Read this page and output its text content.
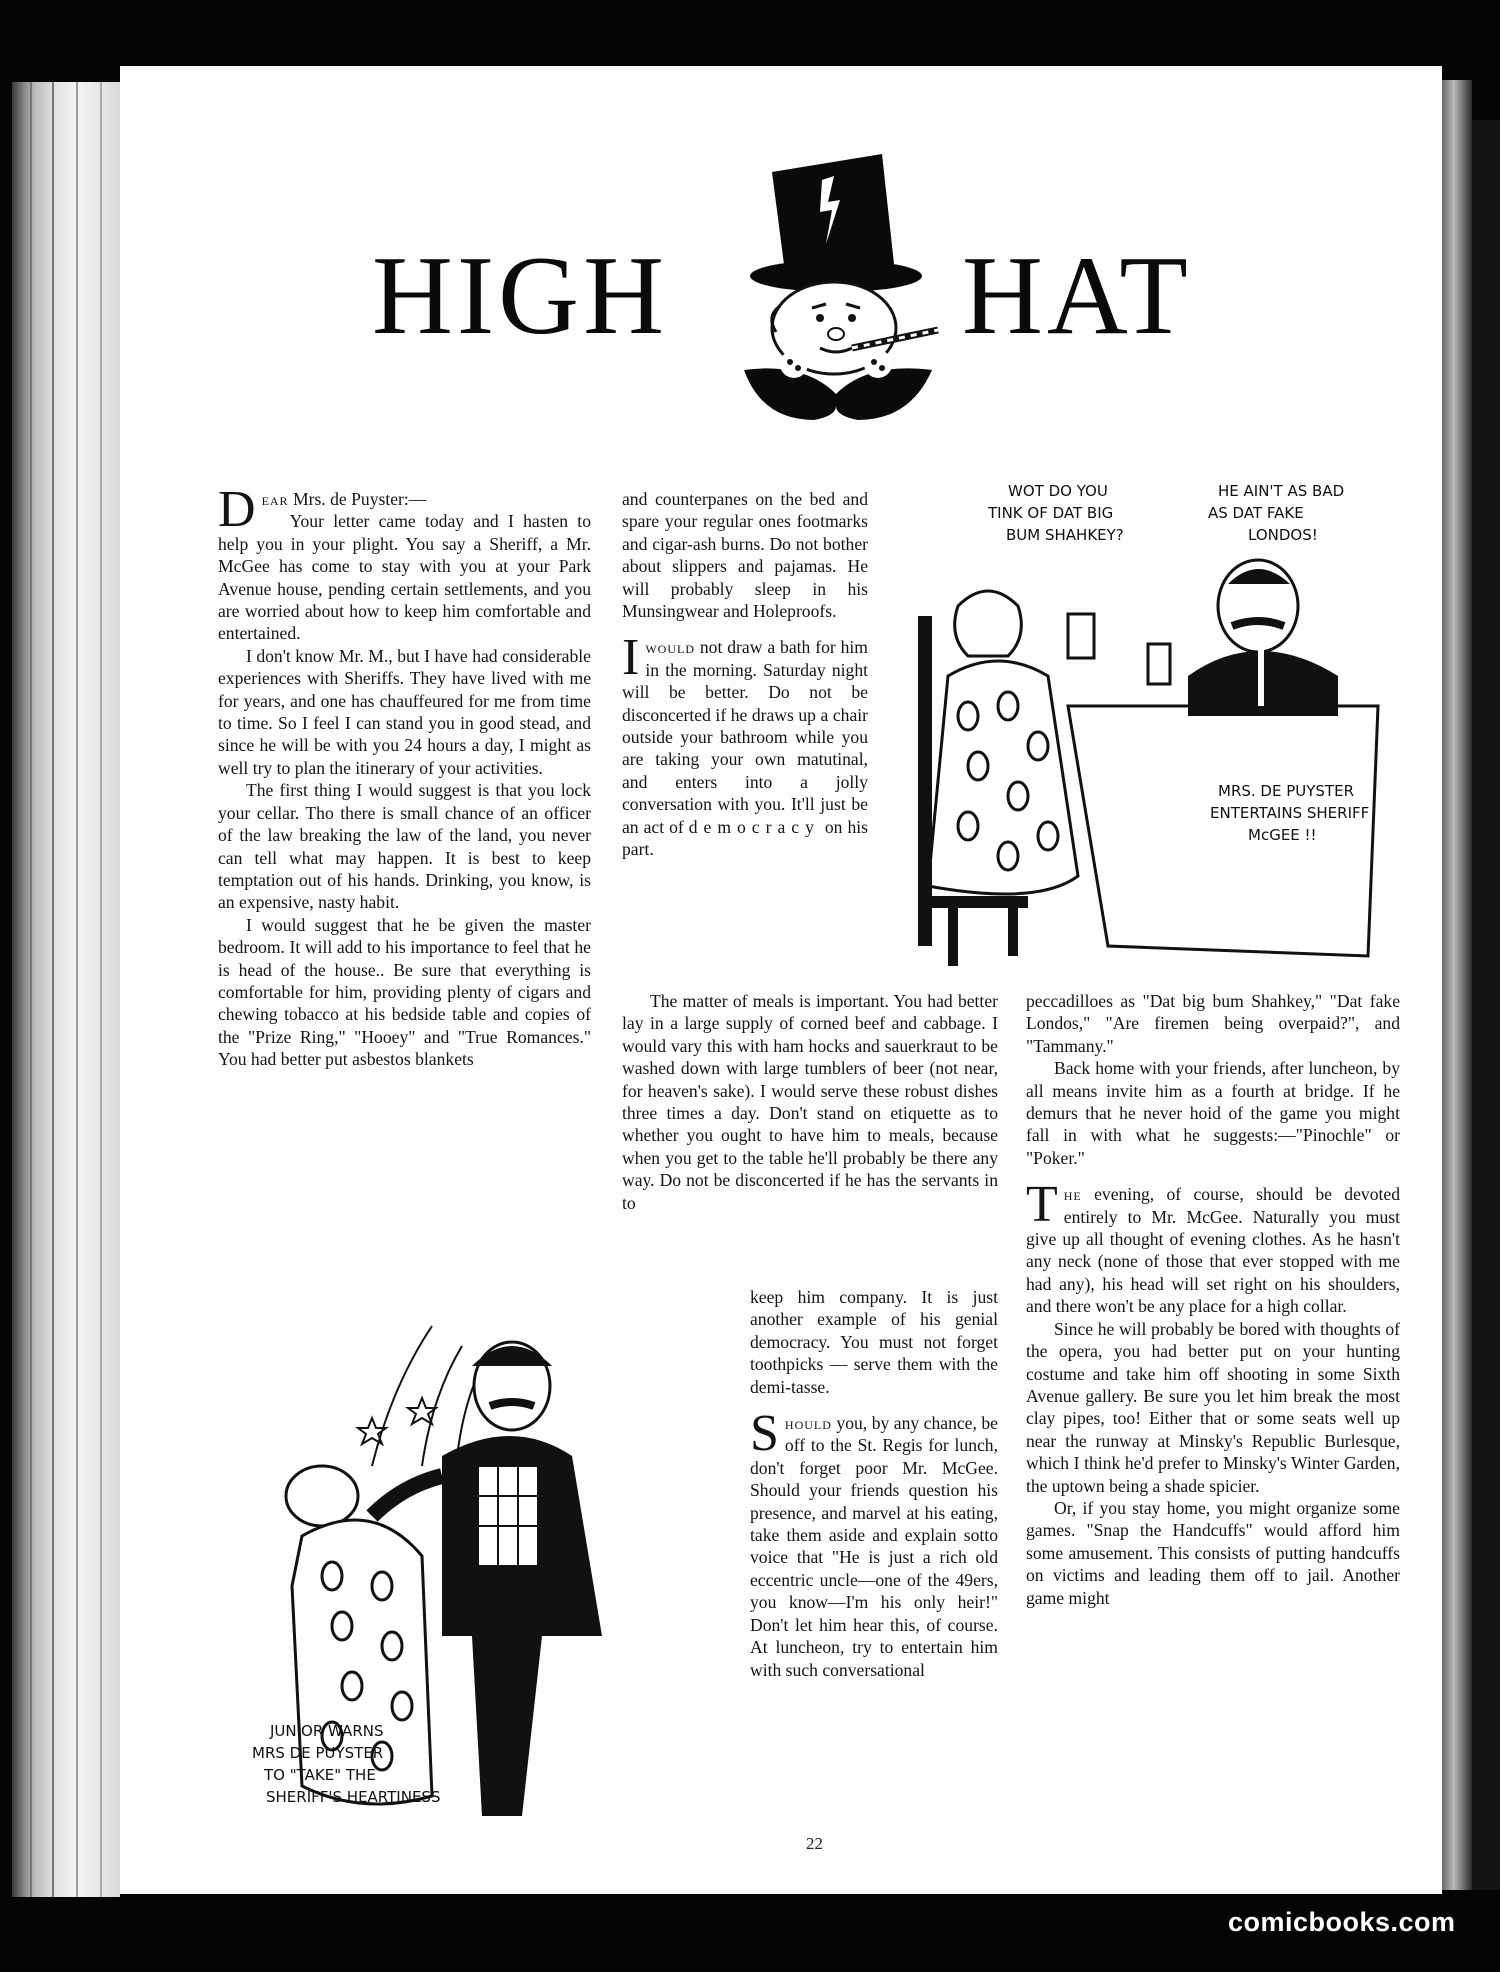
HIGH	HAT

Dear Mrs. de Puyster:—

Your letter came today and I hasten to help you in your plight. You say a Sheriff, a Mr. McGee has come to stay with you at your Park Avenue house, pending certain settlements, and you are worried about how to keep him comfortable and entertained.

I don't know Mr. M., but I have had considerable experiences with Sheriffs. They have lived with me for years, and one has chauffeured for me from time to time. So I feel I can stand you in good stead, and since he will be with you 24 hours a day, I might as well try to plan the itinerary of your activities.

The first thing I would suggest is that you lock your cellar. Tho there is small chance of an officer of the law breaking the law of the land, you never can tell what may happen. It is best to keep temptation out of his hands. Drinking, you know, is an expensive, nasty habit.

I would suggest that he be given the master bedroom. It will add to his importance to feel that he is head of the house.. Be sure that everything is comfortable for him, providing plenty of cigars and chewing tobacco at his bedside table and copies of the "Prize Ring," "Hooey" and "True Romances." You had better put asbestos blankets

and counterpanes on the bed and spare your regular ones footmarks and cigar-ash burns. Do not bother about slippers and pajamas. He will probably sleep in his Munsingwear and Holeproofs.

Iwould not draw a bath for him in the morning. Saturday night will be better. Do not be disconcerted if he draws up a chair outside your bathroom while you are taking your own matutinal, and enters into a jolly conversation with you. It'll just be an act of democracy on his part.

The matter of meals is important. You had better lay in a large supply of corned beef and cabbage. I would vary this with ham hocks and sauerkraut to be washed down with large tumblers of beer (not near, for heaven's sake). I would serve these robust dishes three times a day. Don't stand on etiquette as to whether you ought to have him to meals, because when you get to the table he'll probably be there any way. Do not be disconcerted if he has the servants in to

keep him company. It is just another example of his genial democracy. You must not forget toothpicks — serve them with the demi-tasse.

Should you, by any chance, be off to the St. Regis for lunch, don't forget poor Mr. McGee. Should your friends question his presence, and marvel at his eating, take them aside and explain sotto voice that "He is just a rich old eccentric uncle—one of the 49ers, you know—I'm his only heir!" Don't let him hear this, of course. At luncheon, try to entertain him with such conversational

peccadilloes as "Dat big bum Shahkey," "Dat fake Londos," "Are firemen being overpaid?", and "Tammany."

Back home with your friends, after luncheon, by all means invite him as a fourth at bridge. If he demurs that he never hoid of the game you might fall in with what he suggests:—"Pinochle" or "Poker."

The evening, of course, should be devoted entirely to Mr. McGee. Naturally you must give up all thought of evening clothes. As he hasn't any neck (none of those that ever stopped with me had any), his head will set right on his shoulders, and there won't be any place for a high collar.

Since he will probably be bored with thoughts of the opera, you had better put on your hunting costume and take him off shooting in some Sixth Avenue gallery. Be sure you let him break the most clay pipes, too! Either that or some seats well up near the runway at Minsky's Republic Burlesque, which I think he'd prefer to Minsky's Winter Garden, the uptown being a shade spicier.

Or, if you stay home, you might organize some games. "Snap the Handcuffs" would afford him some amusement. This consists of putting handcuffs on victims and leading them off to jail. Another game might

WOT DO YOU
TINK OF DAT BIG
BUM SHAHKEY?
HE AIN'T AS BAD
AS DAT FAKE
LONDOS!
MRS. DE PUYSTER
ENTERTAINS SHERIFF
McGEE !!
JUNIOR WARNS
MRS DE PUYSTER
TO "TAKE" THE
SHERIFF'S HEARTINESS
22
comicbooks.com
